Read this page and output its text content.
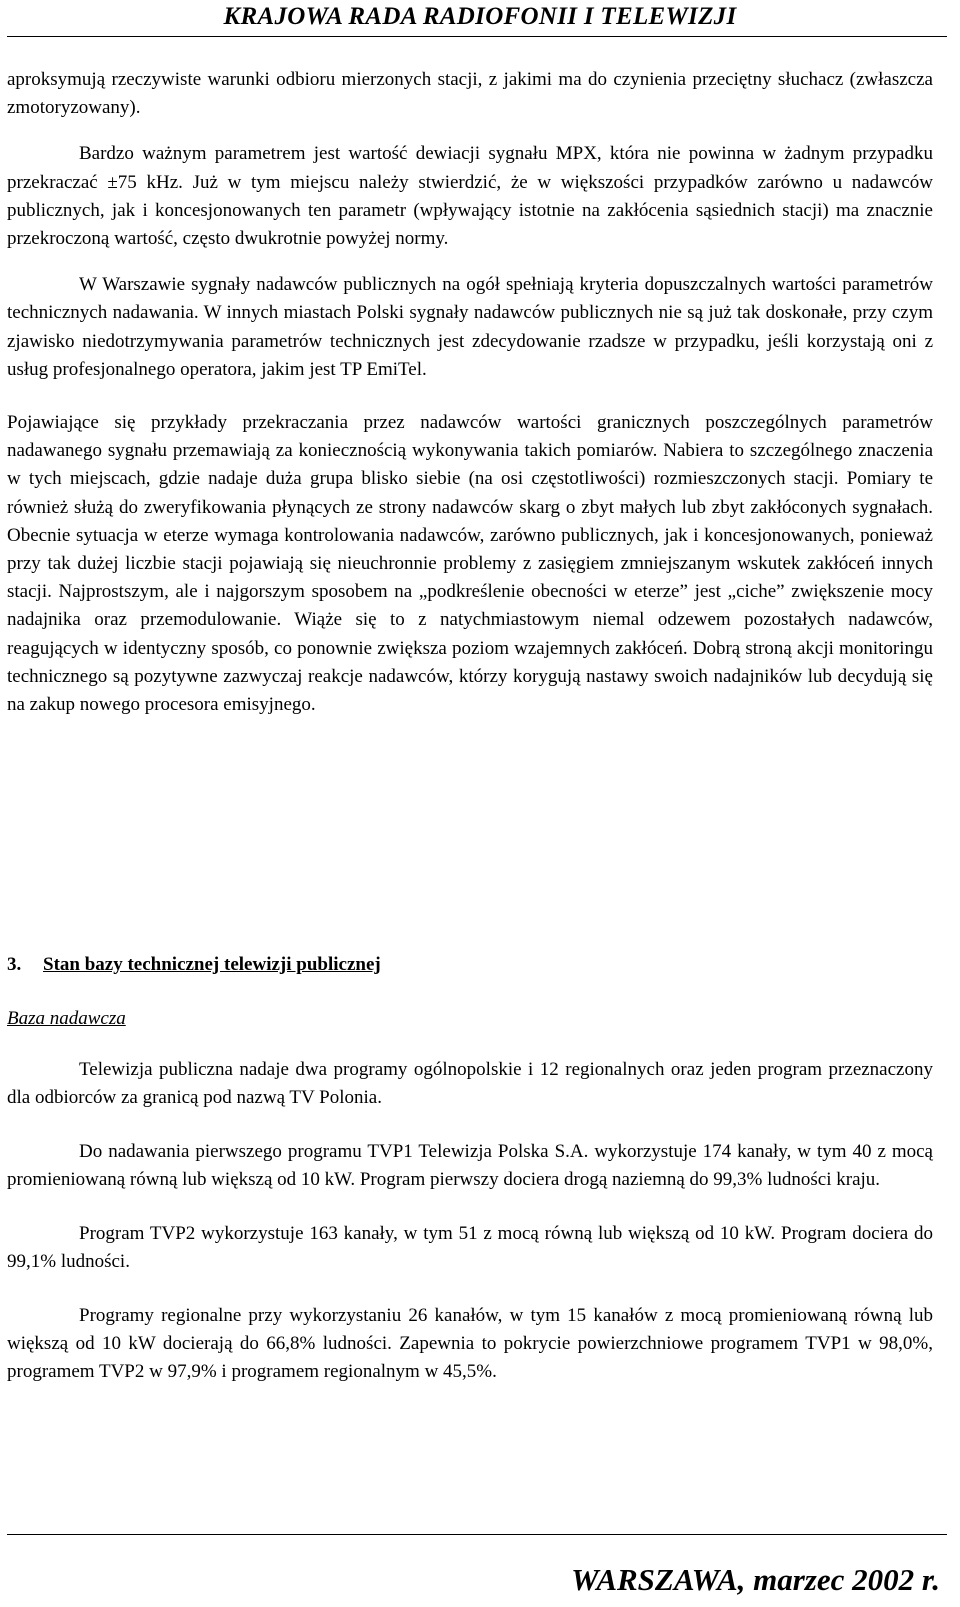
KRAJOWA RADA RADIOFONII I TELEWIZJI

aproksymują rzeczywiste warunki odbioru mierzonych stacji, z jakimi ma do czynienia przeciętny słuchacz (zwłaszcza zmotoryzowany).

Bardzo ważnym parametrem jest wartość dewiacji sygnału MPX, która nie powinna w żadnym przypadku przekraczać ±75 kHz. Już w tym miejscu należy stwierdzić, że w większości przypadków zarówno u nadawców publicznych, jak i koncesjonowanych ten parametr (wpływający istotnie na zakłócenia sąsiednich stacji) ma znacznie przekroczoną wartość, często dwukrotnie powyżej normy.

W Warszawie sygnały nadawców publicznych na ogół spełniają kryteria dopuszczalnych wartości parametrów technicznych nadawania. W innych miastach Polski sygnały nadawców publicznych nie są już tak doskonałe, przy czym zjawisko niedotrzymywania parametrów technicznych jest zdecydowanie rzadsze w przypadku, jeśli korzystają oni z usług profesjonalnego operatora, jakim jest TP EmiTel.

Pojawiające się przykłady przekraczania przez nadawców wartości granicznych poszczególnych parametrów nadawanego sygnału przemawiają za koniecznością wykonywania takich pomiarów. Nabiera to szczególnego znaczenia w tych miejscach, gdzie nadaje duża grupa blisko siebie (na osi częstotliwości) rozmieszczonych stacji. Pomiary te również służą do zweryfikowania płynących ze strony nadawców skarg o zbyt małych lub zbyt zakłóconych sygnałach. Obecnie sytuacja w eterze wymaga kontrolowania nadawców, zarówno publicznych, jak i koncesjonowanych, ponieważ przy tak dużej liczbie stacji pojawiają się nieuchronnie problemy z zasięgiem zmniejszanym wskutek zakłóceń innych stacji. Najprostszym, ale i najgorszym sposobem na „podkreślenie obecności w eterze” jest „ciche” zwiększenie mocy nadajnika oraz przemodulowanie. Wiąże się to z natychmiastowym niemal odzewem pozostałych nadawców, reagujących w identyczny sposób, co ponownie zwiększa poziom wzajemnych zakłóceń. Dobrą stroną akcji monitoringu technicznego są pozytywne zazwyczaj reakcje nadawców, którzy korygują nastawy swoich nadajników lub decydują się na zakup nowego procesora emisyjnego.

3. Stan bazy technicznej telewizji publicznej
Baza nadawcza

Telewizja publiczna nadaje dwa programy ogólnopolskie i 12 regionalnych oraz jeden program przeznaczony dla odbiorców za granicą pod nazwą TV Polonia.

Do nadawania pierwszego programu TVP1 Telewizja Polska S.A. wykorzystuje 174 kanały, w tym 40 z mocą promieniowaną równą lub większą od 10 kW. Program pierwszy dociera drogą naziemną do 99,3% ludności kraju.

Program TVP2 wykorzystuje 163 kanały, w tym 51 z mocą równą lub większą od 10 kW. Program dociera do 99,1% ludności.

Programy regionalne przy wykorzystaniu 26 kanałów, w tym 15 kanałów z mocą promieniowaną równą lub większą od 10 kW docierają do 66,8% ludności. Zapewnia to pokrycie powierzchniowe programem TVP1 w 98,0%, programem TVP2 w 97,9% i programem regionalnym w 45,5%.

WARSZAWA, marzec 2002 r.
